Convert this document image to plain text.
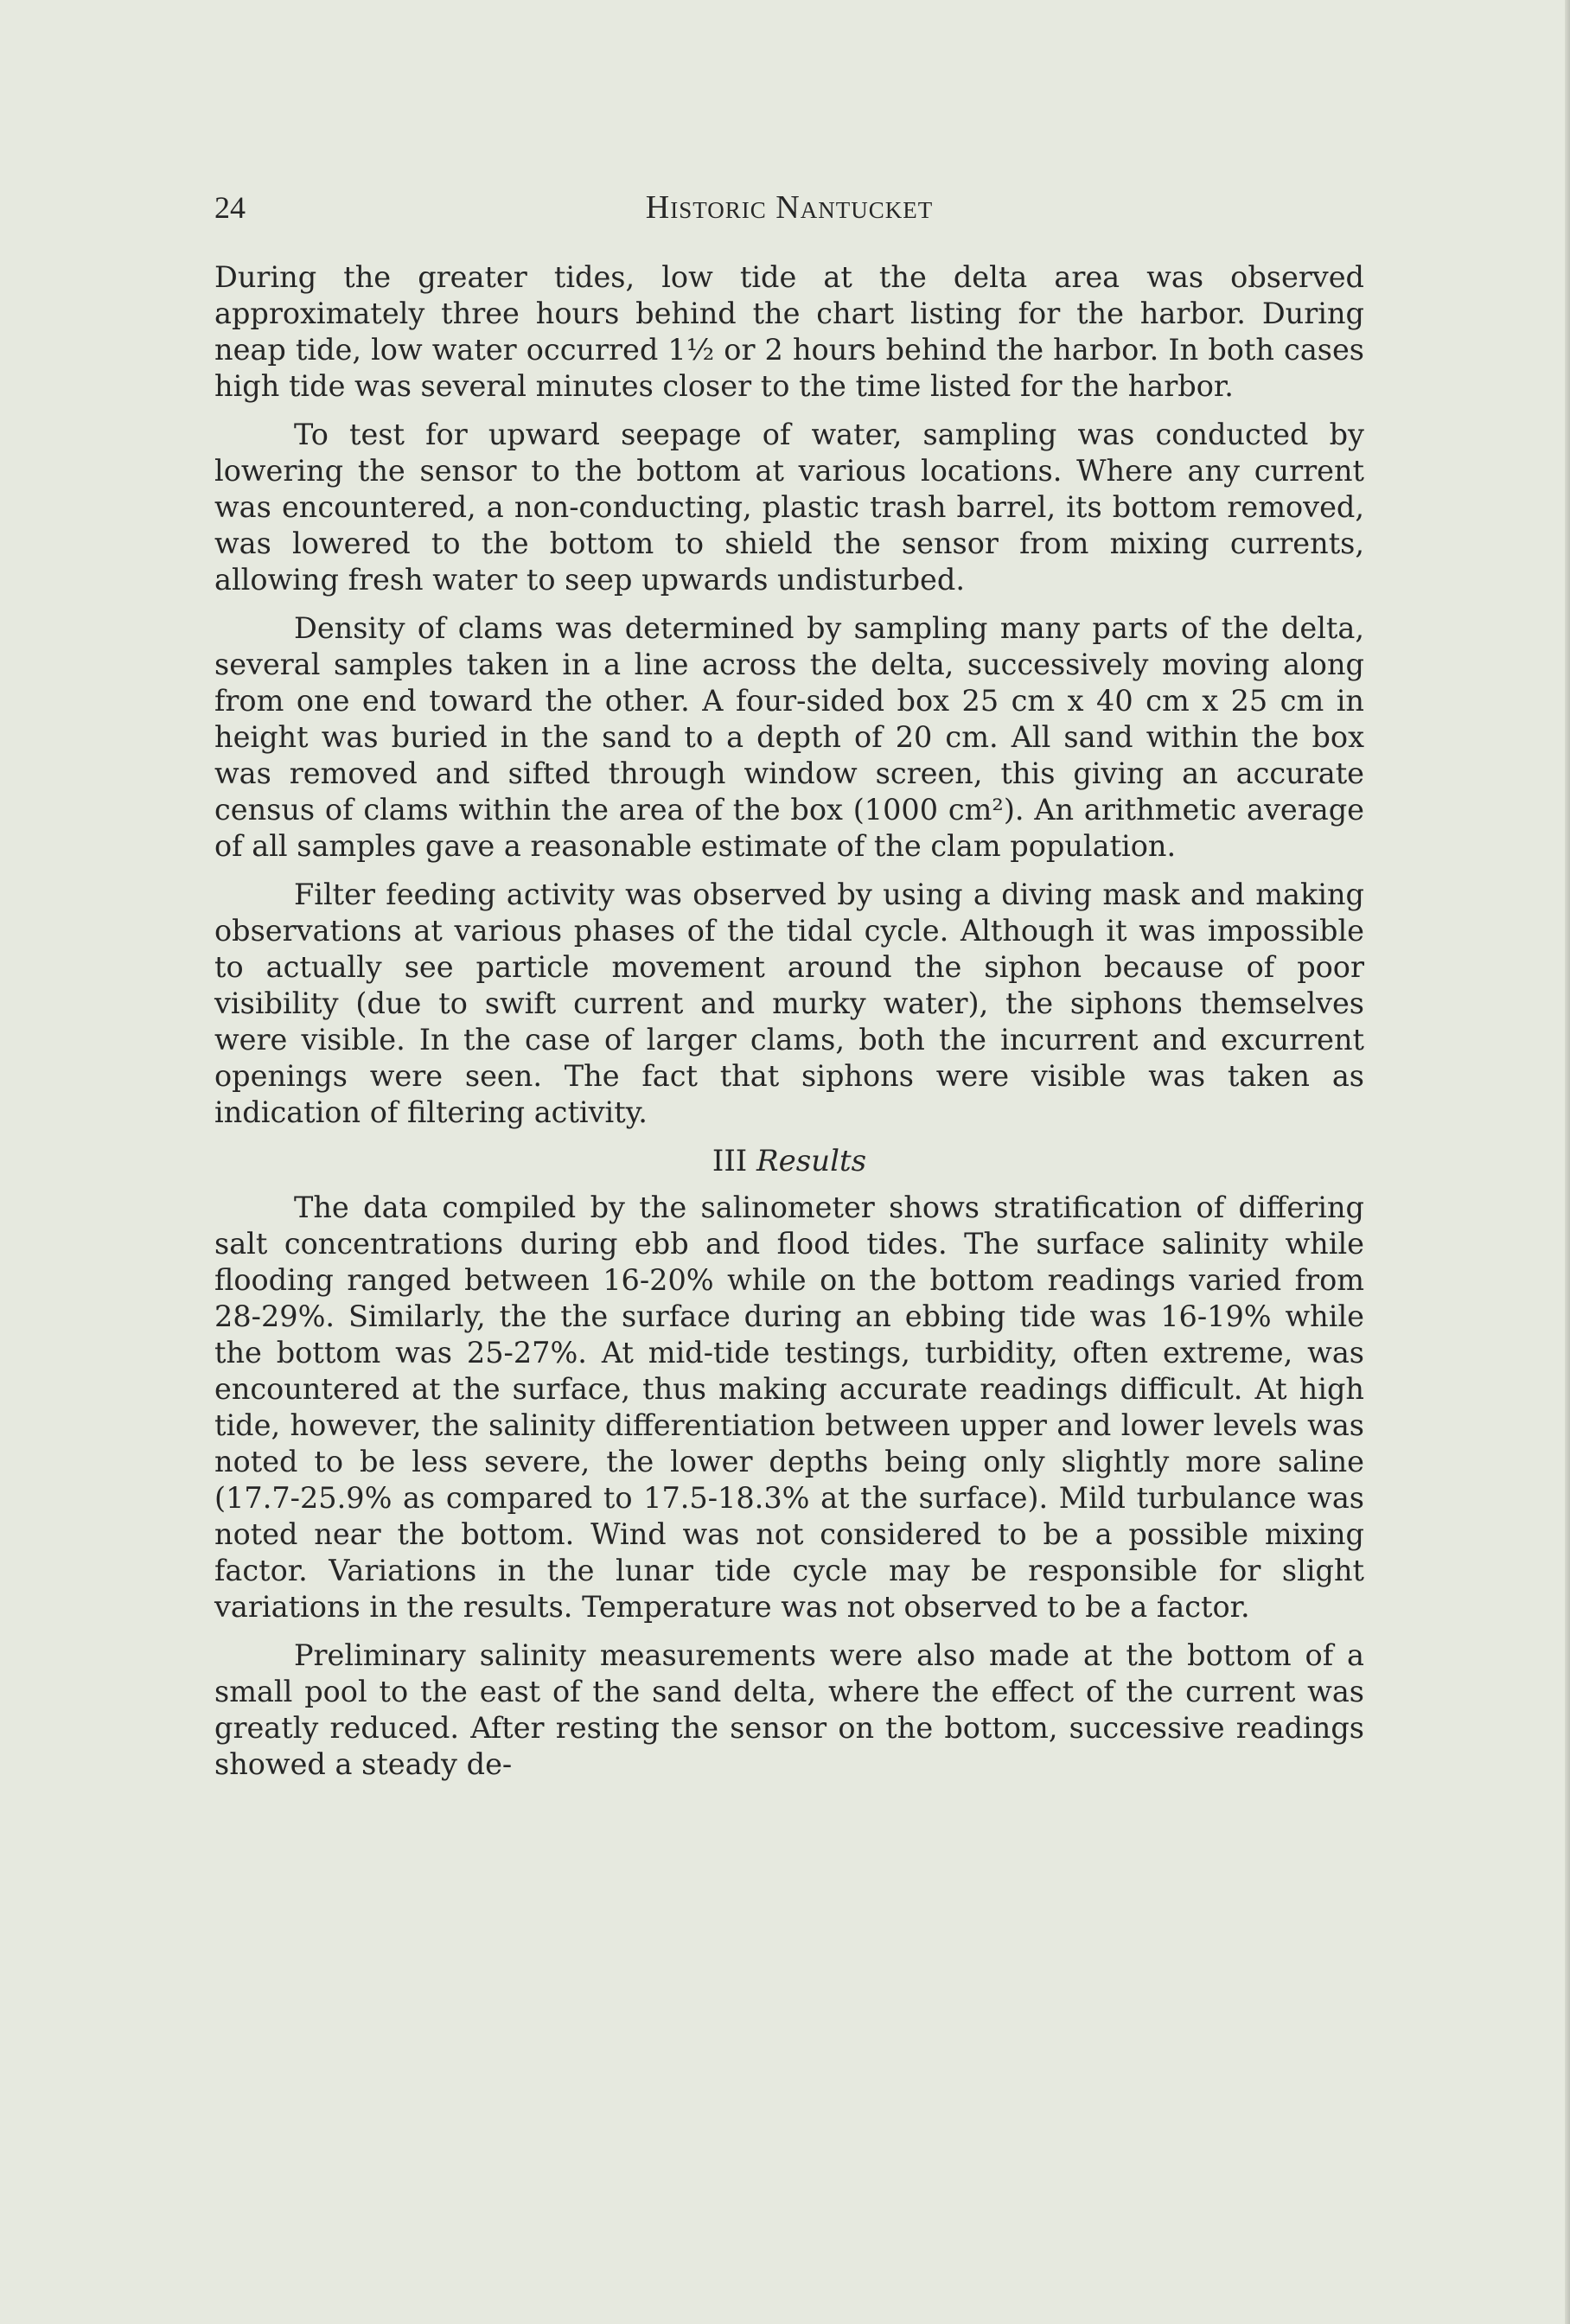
24	Historic Nantucket

During the greater tides, low tide at the delta area was observed approximately three hours behind the chart listing for the harbor. During neap tide, low water occurred 1½ or 2 hours behind the harbor. In both cases high tide was several minutes closer to the time listed for the harbor.

To test for upward seepage of water, sampling was conducted by lowering the sensor to the bottom at various locations. Where any current was encountered, a non-conducting, plastic trash barrel, its bottom removed, was lowered to the bottom to shield the sensor from mixing currents, allowing fresh water to seep upwards undisturbed.

Density of clams was determined by sampling many parts of the delta, several samples taken in a line across the delta, successively moving along from one end toward the other. A four-sided box 25 cm x 40 cm x 25 cm in height was buried in the sand to a depth of 20 cm. All sand within the box was removed and sifted through window screen, this giving an accurate census of clams within the area of the box (1000 cm²). An arithmetic average of all samples gave a reasonable estimate of the clam population.

Filter feeding activity was observed by using a diving mask and making observations at various phases of the tidal cycle. Although it was impossible to actually see particle movement around the siphon because of poor visibility (due to swift current and murky water), the siphons themselves were visible. In the case of larger clams, both the incurrent and excurrent openings were seen. The fact that siphons were visible was taken as indication of filtering activity.

III Results

The data compiled by the salinometer shows stratification of differing salt concentrations during ebb and flood tides. The surface salinity while flooding ranged between 16-20% while on the bottom readings varied from 28-29%. Similarly, the the surface during an ebbing tide was 16-19% while the bottom was 25-27%. At mid-tide testings, turbidity, often extreme, was encountered at the surface, thus making accurate readings difficult. At high tide, however, the salinity differentiation between upper and lower levels was noted to be less severe, the lower depths being only slightly more saline (17.7-25.9% as compared to 17.5-18.3% at the surface). Mild turbulance was noted near the bottom. Wind was not considered to be a possible mixing factor. Variations in the lunar tide cycle may be responsible for slight variations in the results. Temperature was not observed to be a factor.

Preliminary salinity measurements were also made at the bottom of a small pool to the east of the sand delta, where the effect of the current was greatly reduced. After resting the sensor on the bottom, successive readings showed a steady de-
